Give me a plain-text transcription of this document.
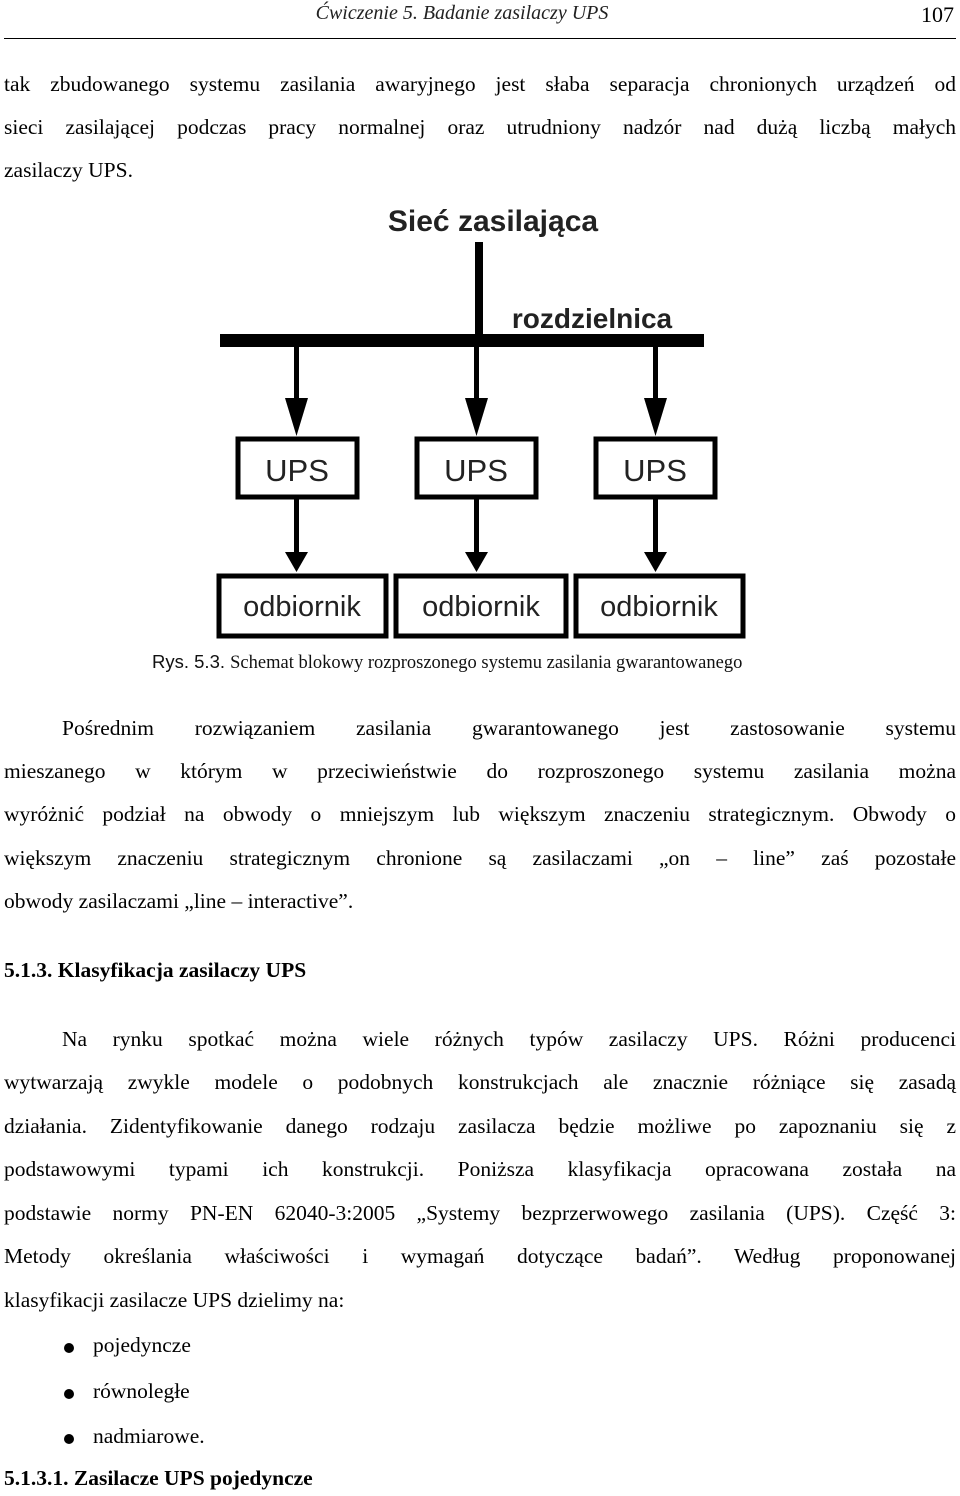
Ćwiczenie 5. Badanie zasilaczy UPS	107
tak zbudowanego systemu zasilania awaryjnego jest słaba separacja chronionych urządzeń od
sieci zasilającej podczas pracy normalnej oraz utrudniony nadzór nad dużą liczbą małych
zasilaczy UPS.
Sieć zasilająca
rozdzielnica
UPS
odbiornik
UPS
odbiornik
UPS
odbiornik
Rys. 5.3. Schemat blokowy rozproszonego systemu zasilania gwarantowanego
Pośrednim rozwiązaniem zasilania gwarantowanego jest zastosowanie systemu
mieszanego w którym w przeciwieństwie do rozproszonego systemu zasilania można
wyróżnić podział na obwody o mniejszym lub większym znaczeniu strategicznym. Obwody o
większym znaczeniu strategicznym chronione są zasilaczami „on – line” zaś pozostałe
obwody zasilaczami „line – interactive”.
5.1.3. Klasyfikacja zasilaczy UPS
Na rynku spotkać można wiele różnych typów zasilaczy UPS. Różni producenci
wytwarzają zwykle modele o podobnych konstrukcjach ale znacznie różniące się zasadą
działania. Zidentyfikowanie danego rodzaju zasilacza będzie możliwe po zapoznaniu się z
podstawowymi typami ich konstrukcji. Poniższa klasyfikacja opracowana została na
podstawie normy PN-EN 62040-3:2005 „Systemy bezprzerwowego zasilania (UPS). Część 3:
Metody określania właściwości i wymagań dotyczące badań”. Według proponowanej
klasyfikacji zasilacze UPS dzielimy na:
pojedyncze
równoległe
nadmiarowe.
5.1.3.1. Zasilacze UPS pojedyncze
